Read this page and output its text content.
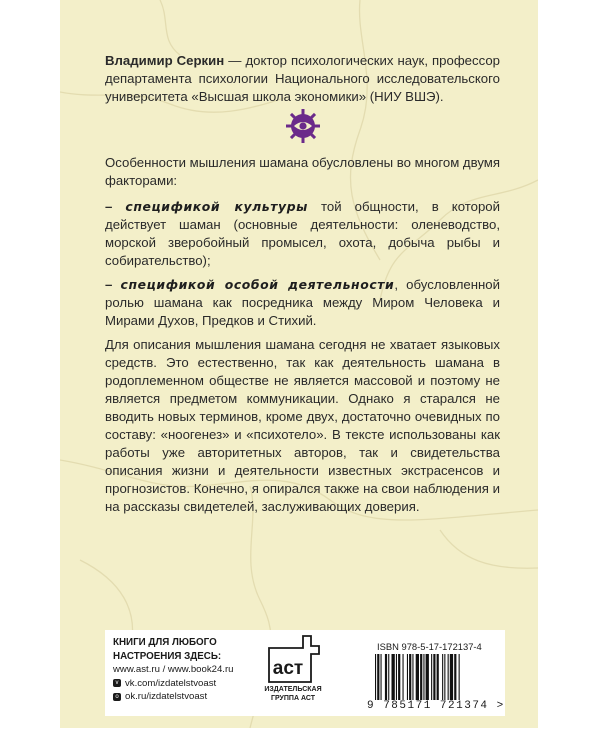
Владимир Серкин — доктор психологических наук, профессор департамента психологии Национального исследовательского университета «Высшая школа экономики» (НИУ ВШЭ).

Особенности мышления шамана обусловлены во многом двумя факторами:

– спецификой культуры той общности, в которой действует шаман (основные деятельности: оленеводство, морской зверобойный промысел, охота, добыча рыбы и собирательство);

– спецификой особой деятельности, обусловленной ролью шамана как посредника между Миром Человека и Мирами Духов, Предков и Стихий.

Для описания мышления шамана сегодня не хватает языковых средств. Это естественно, так как деятельность шамана в родоплеменном обществе не является массовой и поэтому не является предметом коммуникации. Однако я старался не вводить новых терминов, кроме двух, достаточно очевидных по составу: «ноогенез» и «психотело». В тексте использованы как работы уже авторитетных авторов, так и свидетельства описания жизни и деятельности известных экстрасенсов и прогнозистов. Конечно, я опирался также на свои наблюдения и на рассказы свидетелей, заслуживающих доверия.

КНИГИ ДЛЯ ЛЮБОГО
НАСТРОЕНИЯ ЗДЕСЬ:
www.ast.ru / www.book24.ru
v vk.com/izdatelstvoast
o ok.ru/izdatelstvoast
аст
ИЗДАТЕЛЬСКАЯ
ГРУППА АСТ
ISBN 978-5-17-172137-4
9 785171 721374 >
